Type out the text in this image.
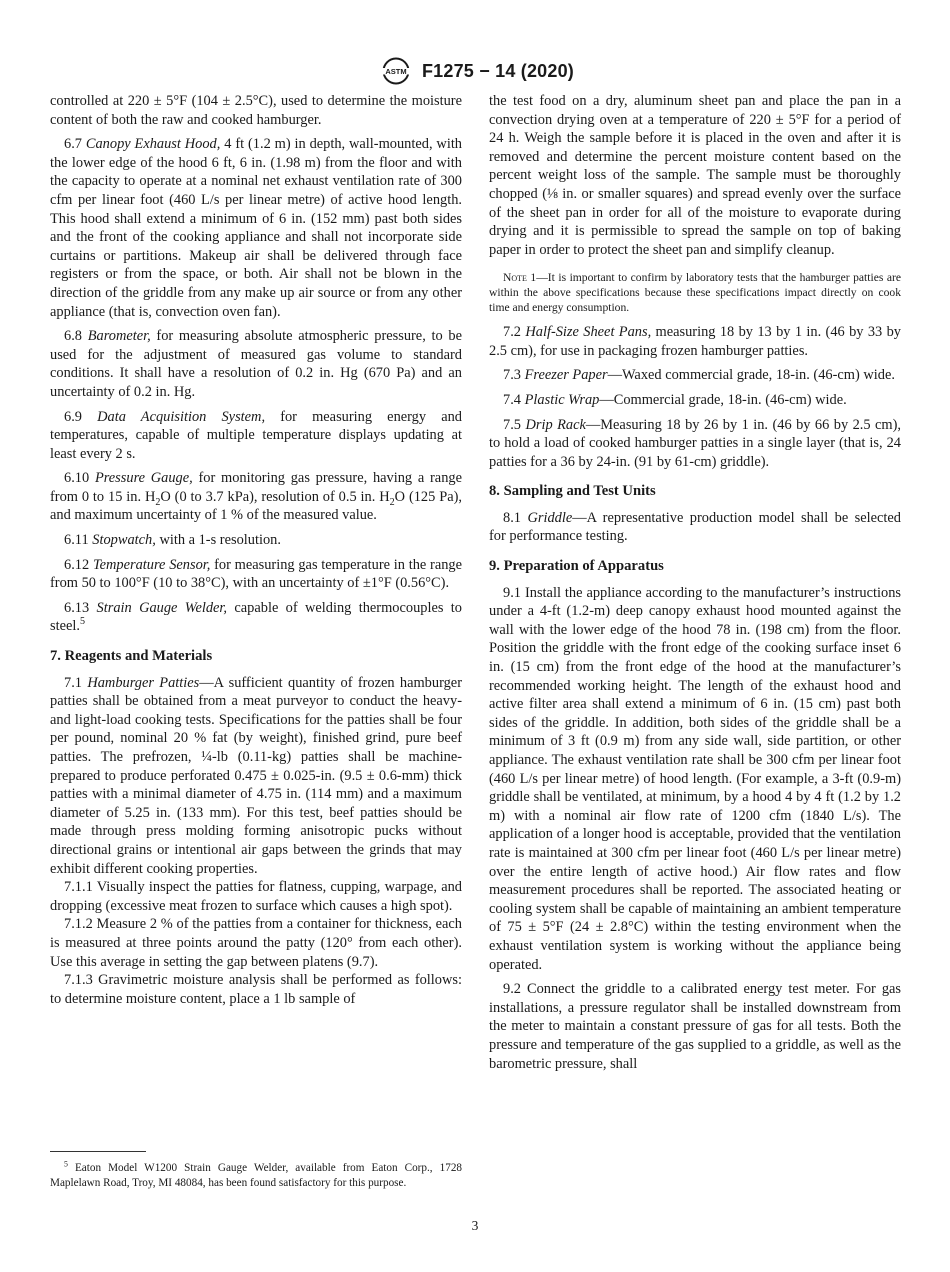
ASTM F1275 − 14 (2020)

controlled at 220 ± 5°F (104 ± 2.5°C), used to determine the moisture content of both the raw and cooked hamburger.

6.7 Canopy Exhaust Hood, 4 ft (1.2 m) in depth, wall-mounted, with the lower edge of the hood 6 ft, 6 in. (1.98 m) from the floor and with the capacity to operate at a nominal net exhaust ventilation rate of 300 cfm per linear foot (460 L/s per linear metre) of active hood length. This hood shall extend a minimum of 6 in. (152 mm) past both sides and the front of the cooking appliance and shall not incorporate side curtains or partitions. Makeup air shall be delivered through face registers or from the space, or both. Air shall not be blown in the direction of the griddle from any make up air source or from any other appliance (that is, convection oven fan).

6.8 Barometer, for measuring absolute atmospheric pressure, to be used for the adjustment of measured gas volume to standard conditions. It shall have a resolution of 0.2 in. Hg (670 Pa) and an uncertainty of 0.2 in. Hg.

6.9 Data Acquisition System, for measuring energy and temperatures, capable of multiple temperature displays updating at least every 2 s.

6.10 Pressure Gauge, for monitoring gas pressure, having a range from 0 to 15 in. $H_2O$ (0 to 3.7 kPa), resolution of 0.5 in. $H_2O$ (125 Pa), and maximum uncertainty of 1 % of the measured value.

6.11 Stopwatch, with a 1-s resolution.

6.12 Temperature Sensor, for measuring gas temperature in the range from 50 to 100°F (10 to 38°C), with an uncertainty of ±1°F (0.56°C).

6.13 Strain Gauge Welder, capable of welding thermocouples to steel.$^5$

7. Reagents and Materials

7.1 Hamburger Patties—A sufficient quantity of frozen hamburger patties shall be obtained from a meat purveyor to conduct the heavy- and light-load cooking tests. Specifications for the patties shall be four per pound, nominal 20 % fat (by weight), finished grind, pure beef patties. The prefrozen, ¼-lb (0.11-kg) patties shall be machine-prepared to produce perforated 0.475 ± 0.025-in. (9.5 ± 0.6-mm) thick patties with a minimal diameter of 4.75 in. (114 mm) and a maximum diameter of 5.25 in. (133 mm). For this test, beef patties should be made through press molding forming anisotropic pucks without directional grains or intentional air gaps between the grinds that may exhibit different cooking properties.

7.1.1 Visually inspect the patties for flatness, cupping, warpage, and dropping (excessive meat frozen to surface which causes a high spot).

7.1.2 Measure 2 % of the patties from a container for thickness, each is measured at three points around the patty (120° from each other). Use this average in setting the gap between platens (9.7).

7.1.3 Gravimetric moisture analysis shall be performed as follows: to determine moisture content, place a 1 lb sample of

the test food on a dry, aluminum sheet pan and place the pan in a convection drying oven at a temperature of 220 ± 5°F for a period of 24 h. Weigh the sample before it is placed in the oven and after it is removed and determine the percent moisture content based on the percent weight loss of the sample. The sample must be thoroughly chopped (⅛ in. or smaller squares) and spread evenly over the surface of the sheet pan in order for all of the moisture to evaporate during drying and it is permissible to spread the sample on top of baking paper in order to protect the sheet pan and simplify cleanup.

Note 1—It is important to confirm by laboratory tests that the hamburger patties are within the above specifications because these specifications impact directly on cook time and energy consumption.

7.2 Half-Size Sheet Pans, measuring 18 by 13 by 1 in. (46 by 33 by 2.5 cm), for use in packaging frozen hamburger patties.

7.3 Freezer Paper—Waxed commercial grade, 18-in. (46-cm) wide.

7.4 Plastic Wrap—Commercial grade, 18-in. (46-cm) wide.

7.5 Drip Rack—Measuring 18 by 26 by 1 in. (46 by 66 by 2.5 cm), to hold a load of cooked hamburger patties in a single layer (that is, 24 patties for a 36 by 24-in. (91 by 61-cm) griddle).

8. Sampling and Test Units

8.1 Griddle—A representative production model shall be selected for performance testing.

9. Preparation of Apparatus

9.1 Install the appliance according to the manufacturer’s instructions under a 4-ft (1.2-m) deep canopy exhaust hood mounted against the wall with the lower edge of the hood 78 in. (198 cm) from the floor. Position the griddle with the front edge of the cooking surface inset 6 in. (15 cm) from the front edge of the hood at the manufacturer’s recommended working height. The length of the exhaust hood and active filter area shall extend a minimum of 6 in. (15 cm) past both sides of the griddle. In addition, both sides of the griddle shall be a minimum of 3 ft (0.9 m) from any side wall, side partition, or other appliance. The exhaust ventilation rate shall be 300 cfm per linear foot (460 L/s per linear metre) of hood length. (For example, a 3-ft (0.9-m) griddle shall be ventilated, at minimum, by a hood 4 by 4 ft (1.2 by 1.2 m) with a nominal air flow rate of 1200 cfm (1840 L/s). The application of a longer hood is acceptable, provided that the ventilation rate is maintained at 300 cfm per linear foot (460 L/s per linear metre) over the entire length of active hood.) Air flow rates and flow measurement procedures shall be reported. The associated heating or cooling system shall be capable of maintaining an ambient temperature of 75 ± 5°F (24 ± 2.8°C) within the testing environment when the exhaust ventilation system is working without the appliance being operated.

9.2 Connect the griddle to a calibrated energy test meter. For gas installations, a pressure regulator shall be installed downstream from the meter to maintain a constant pressure of gas for all tests. Both the pressure and temperature of the gas supplied to a griddle, as well as the barometric pressure, shall

$^5$ Eaton Model W1200 Strain Gauge Welder, available from Eaton Corp., 1728 Maplelawn Road, Troy, MI 48084, has been found satisfactory for this purpose.
3
